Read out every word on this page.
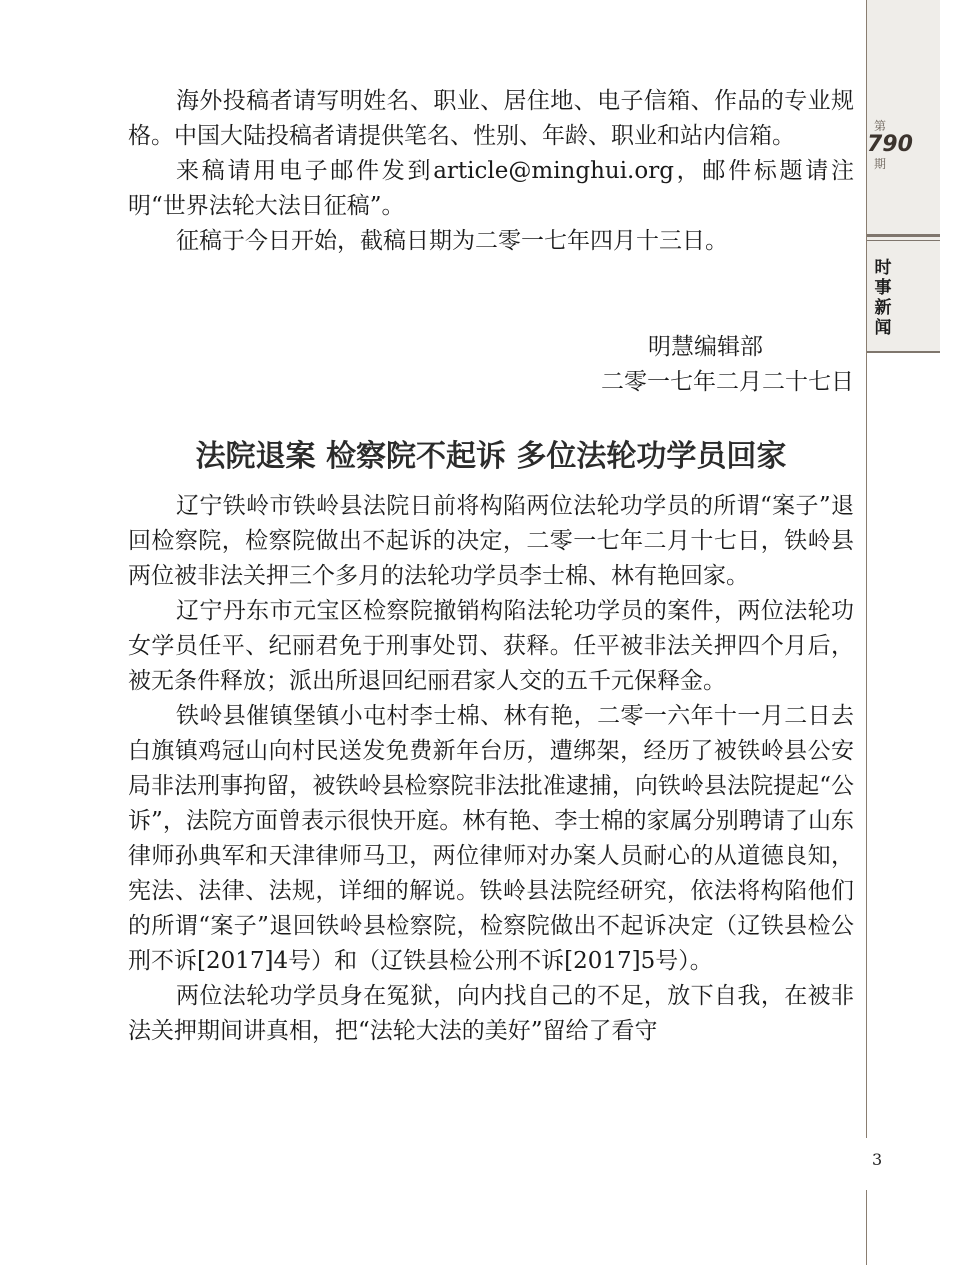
第
790
期
时事新闻
3

海外投稿者请写明姓名、职业、居住地、电子信箱、作品的专业规格。中国大陆投稿者请提供笔名、性别、年龄、职业和站内信箱。

来稿请用电子邮件发到article@minghui.org，邮件标题请注明“世界法轮大法日征稿”。

征稿于今日开始，截稿日期为二零一七年四月十三日。

明慧编辑部
二零一七年二月二十七日
法院退案 检察院不起诉 多位法轮功学员回家

辽宁铁岭市铁岭县法院日前将构陷两位法轮功学员的所谓“案子”退回检察院，检察院做出不起诉的决定，二零一七年二月十七日，铁岭县两位被非法关押三个多月的法轮功学员李士棉、林有艳回家。

辽宁丹东市元宝区检察院撤销构陷法轮功学员的案件，两位法轮功女学员任平、纪丽君免于刑事处罚、获释。任平被非法关押四个月后，被无条件释放；派出所退回纪丽君家人交的五千元保释金。

铁岭县催镇堡镇小屯村李士棉、林有艳，二零一六年十一月二日去白旗镇鸡冠山向村民送发免费新年台历，遭绑架，经历了被铁岭县公安局非法刑事拘留，被铁岭县检察院非法批准逮捕，向铁岭县法院提起“公诉”，法院方面曾表示很快开庭。林有艳、李士棉的家属分别聘请了山东律师孙典军和天津律师马卫，两位律师对办案人员耐心的从道德良知，宪法、法律、法规，详细的解说。铁岭县法院经研究，依法将构陷他们的所谓“案子”退回铁岭县检察院，检察院做出不起诉决定（辽铁县检公刑不诉[2017]4号）和（辽铁县检公刑不诉[2017]5号）。

两位法轮功学员身在冤狱，向内找自己的不足，放下自我，在被非法关押期间讲真相，把“法轮大法的美好”留给了看守
